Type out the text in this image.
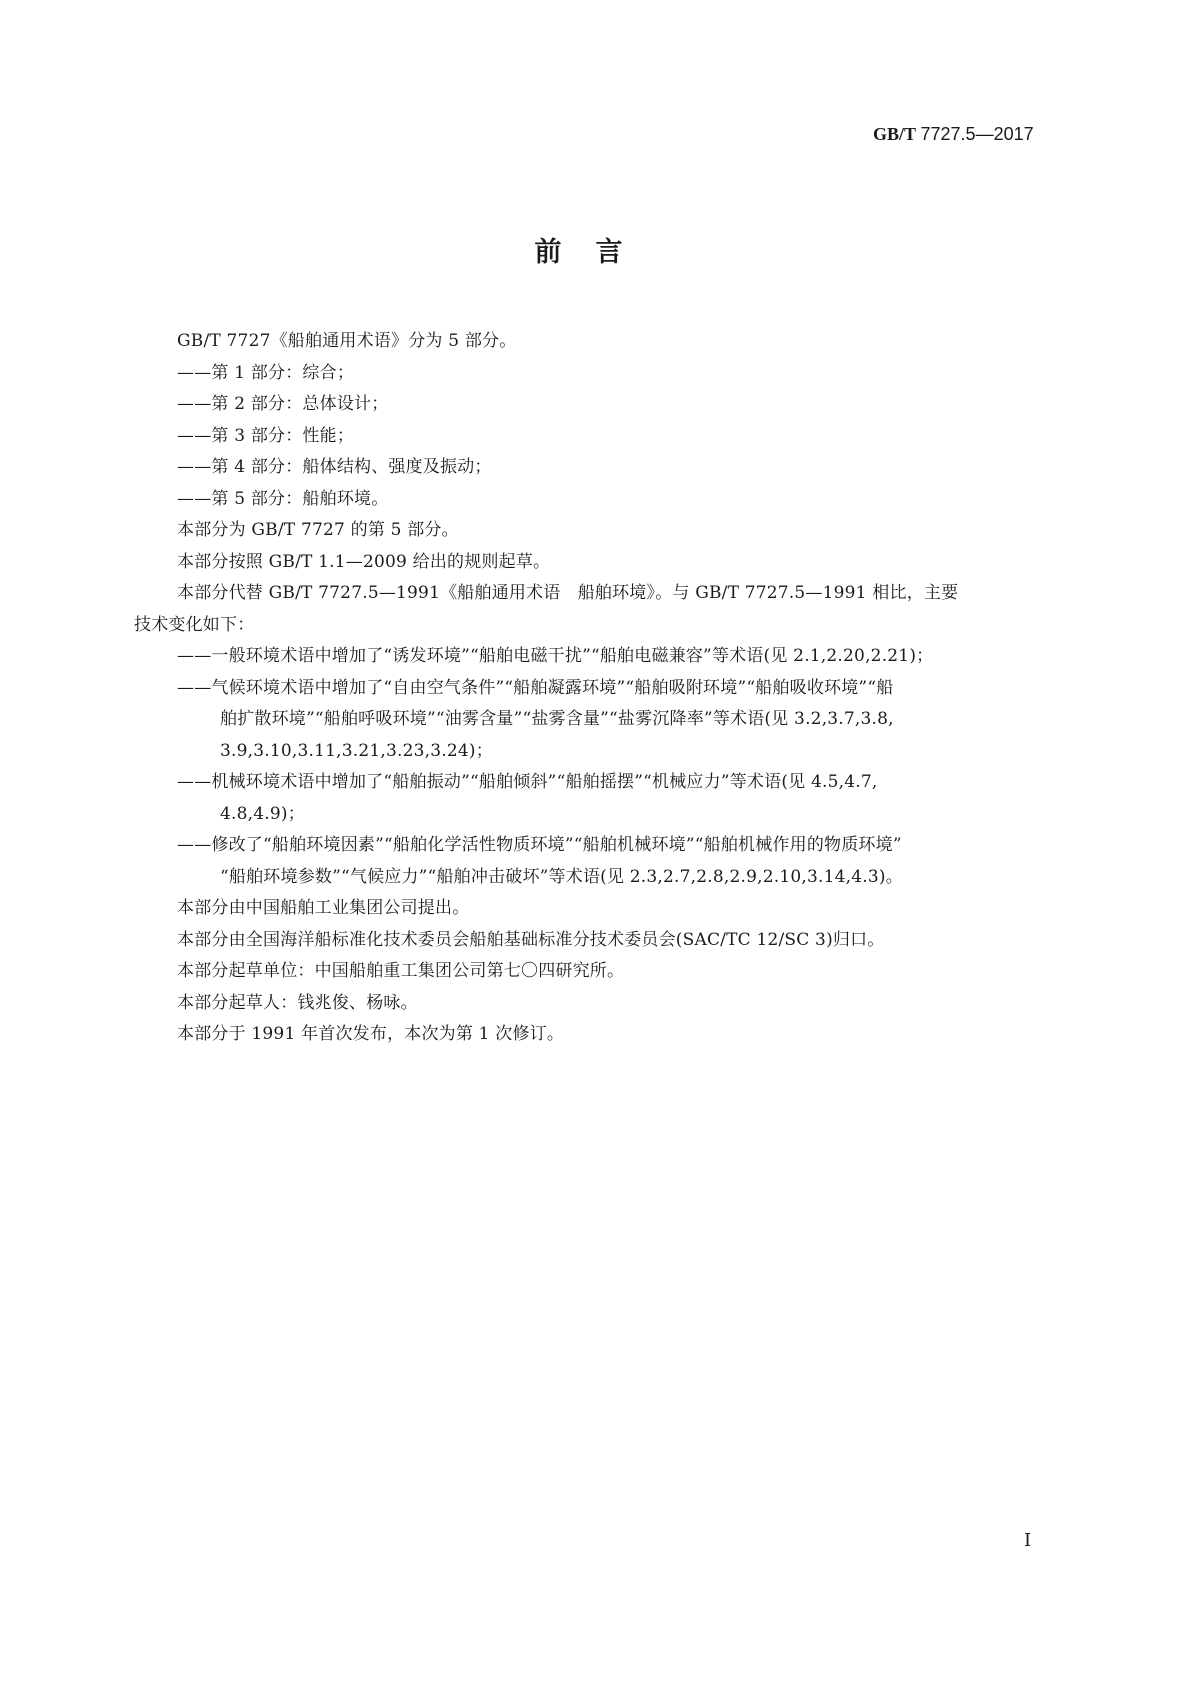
GB/T 7727.5—2017
前言
GB/T 7727《船舶通用术语》分为 5 部分。
——第 1 部分：综合；
——第 2 部分：总体设计；
——第 3 部分：性能；
——第 4 部分：船体结构、强度及振动；
——第 5 部分：船舶环境。
本部分为 GB/T 7727 的第 5 部分。
本部分按照 GB/T 1.1—2009 给出的规则起草。
本部分代替 GB/T 7727.5—1991《船舶通用术语　船舶环境》。与 GB/T 7727.5—1991 相比，主要
技术变化如下：
——一般环境术语中增加了“诱发环境”“船舶电磁干扰”“船舶电磁兼容”等术语(见 2.1,2.20,2.21)；
——气候环境术语中增加了“自由空气条件”“船舶凝露环境”“船舶吸附环境”“船舶吸收环境”“船
舶扩散环境”“船舶呼吸环境”“油雾含量”“盐雾含量”“盐雾沉降率”等术语(见 3.2,3.7,3.8,
3.9,3.10,3.11,3.21,3.23,3.24)；
——机械环境术语中增加了“船舶振动”“船舶倾斜”“船舶摇摆”“机械应力”等术语(见 4.5,4.7,
4.8,4.9)；
——修改了“船舶环境因素”“船舶化学活性物质环境”“船舶机械环境”“船舶机械作用的物质环境”
“船舶环境参数”“气候应力”“船舶冲击破坏”等术语(见 2.3,2.7,2.8,2.9,2.10,3.14,4.3)。
本部分由中国船舶工业集团公司提出。
本部分由全国海洋船标准化技术委员会船舶基础标准分技术委员会(SAC/TC 12/SC 3)归口。
本部分起草单位：中国船舶重工集团公司第七〇四研究所。
本部分起草人：钱兆俊、杨咏。
本部分于 1991 年首次发布，本次为第 1 次修订。
I
